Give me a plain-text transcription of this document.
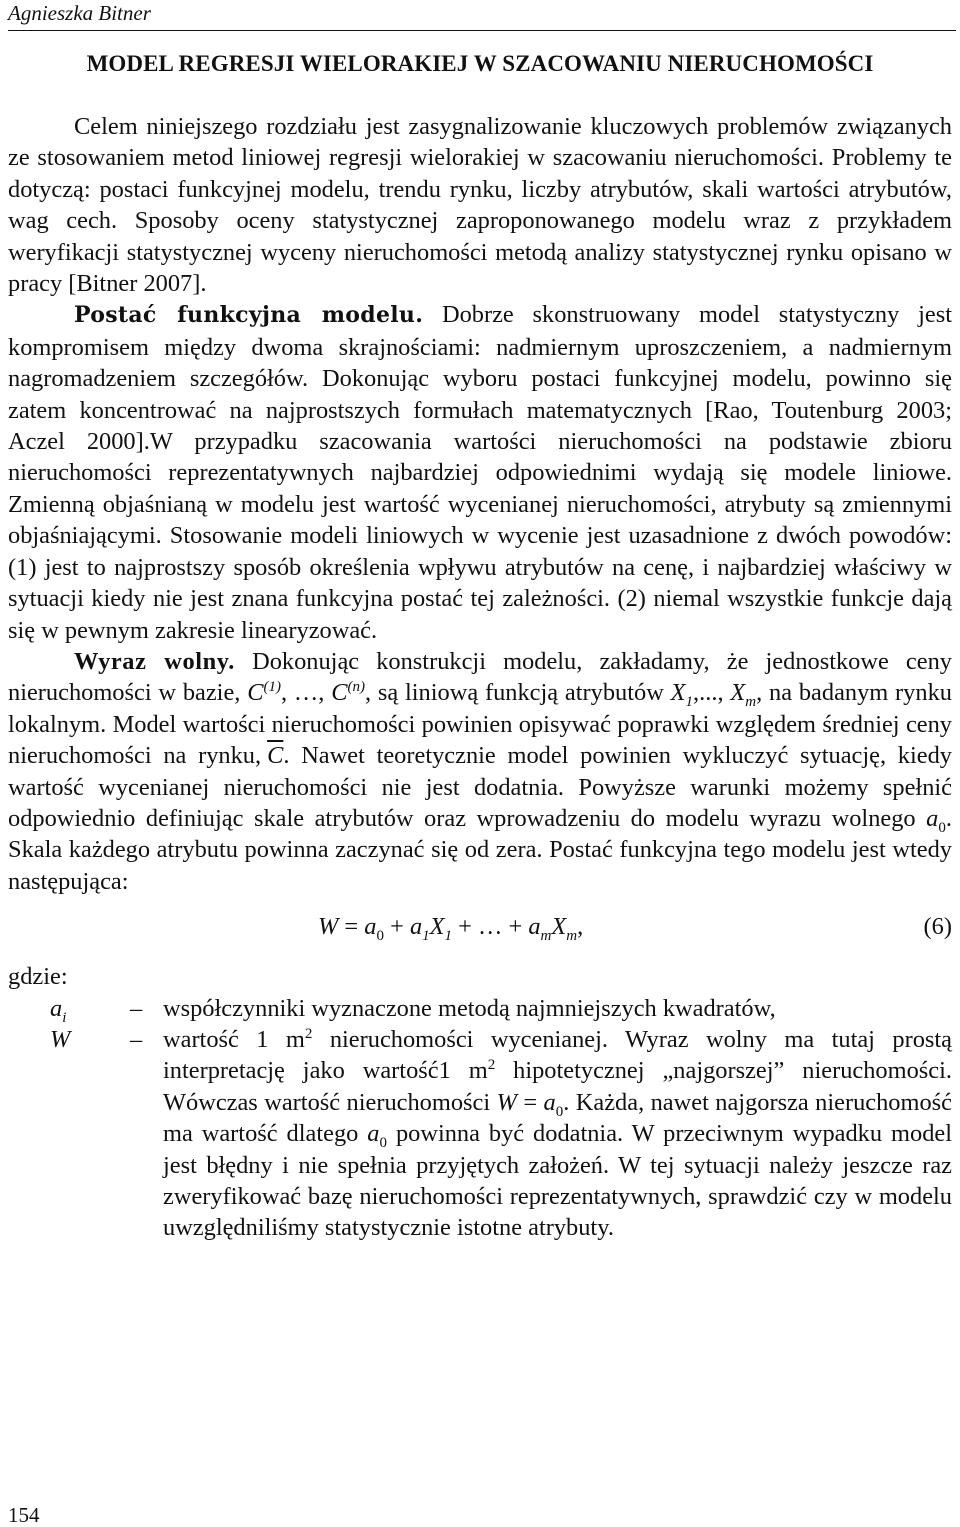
Agnieszka Bitner
MODEL REGRESJI WIELORAKIEJ W SZACOWANIU NIERUCHOMOŚCI

Celem niniejszego rozdziału jest zasygnalizowanie kluczowych problemów związanych ze stosowaniem metod liniowej regresji wielorakiej w szacowaniu nieruchomości. Problemy te dotyczą: postaci funkcyjnej modelu, trendu rynku, liczby atrybutów, skali wartości atrybutów, wag cech. Sposoby oceny statystycznej zaproponowanego modelu wraz z przykładem weryfikacji statystycznej wyceny nieruchomości metodą analizy statystycznej rynku opisano w pracy [Bitner 2007].

Postać funkcyjna modelu. Dobrze skonstruowany model statystyczny jest kompromisem między dwoma skrajnościami: nadmiernym uproszczeniem, a nadmiernym nagromadzeniem szczegółów. Dokonując wyboru postaci funkcyjnej modelu, powinno się zatem koncentrować na najprostszych formułach matematycznych [Rao, Toutenburg 2003; Aczel 2000].W przypadku szacowania wartości nieruchomości na podstawie zbioru nieruchomości reprezentatywnych najbardziej odpowiednimi wydają się modele liniowe. Zmienną objaśnianą w modelu jest wartość wycenianej nieruchomości, atrybuty są zmiennymi objaśniającymi. Stosowanie modeli liniowych w wycenie jest uzasadnione z dwóch powodów: (1) jest to najprostszy sposób określenia wpływu atrybutów na cenę, i najbardziej właściwy w sytuacji kiedy nie jest znana funkcyjna postać tej zależności. (2) niemal wszystkie funkcje dają się w pewnym zakresie linearyzować.

Wyraz wolny. Dokonując konstrukcji modelu, zakładamy, że jednostkowe ceny nieruchomości w bazie, $C^{(1)}$, …, $C^{(n)}$, są liniową funkcją atrybutów $X_1$,..., $X_m$, na badanym rynku lokalnym. Model wartości nieruchomości powinien opisywać poprawki względem średniej ceny nieruchomości na rynku, $\overline{C}$. Nawet teoretycznie model powinien wykluczyć sytuację, kiedy wartość wycenianej nieruchomości nie jest dodatnia. Powyższe warunki możemy spełnić odpowiednio definiując skale atrybutów oraz wprowadzeniu do modelu wyrazu wolnego $a_0$. Skala każdego atrybutu powinna zaczynać się od zera. Postać funkcyjna tego modelu jest wtedy następująca:

$W = a_0 + a_1X_1$ + … + $a_mX_m$,	(6)

gdzie:

$a_i$	– współczynniki wyznaczone metodą najmniejszych kwadratów,
W – wartość 1 $m^2$ nieruchomości wycenianej. Wyraz wolny ma tutaj prostą interpretację jako wartość1 $m^2$ hipotetycznej „najgorszej” nieruchomości. Wówczas wartość nieruchomości $W = a_0$. Każda, nawet najgorsza nieruchomość ma wartość dlatego $a_0$ powinna być dodatnia. W przeciwnym wypadku model jest błędny i nie spełnia przyjętych założeń. W tej sytuacji należy jeszcze raz zweryfikować bazę nieruchomości reprezentatywnych, sprawdzić czy w modelu uwzględniliśmy statystycznie istotne atrybuty.
154
